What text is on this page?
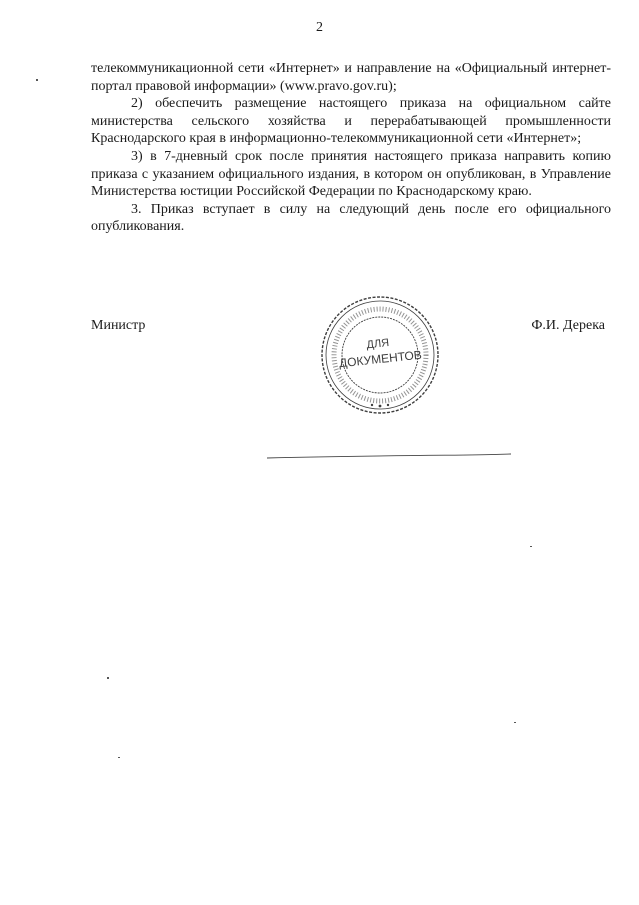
2

телекоммуникационной сети «Интернет» и направление на «Официальный интернет-портал правовой информации» (www.pravo.gov.ru);

2) обеспечить размещение настоящего приказа на официальном сайте министерства сельского хозяйства и перерабатывающей промышленности Краснодарского края в информационно-телекоммуникационной сети «Интернет»;

3) в 7-дневный срок после принятия настоящего приказа направить копию приказа с указанием официального издания, в котором он опубликован, в Управление Министерства юстиции Российской Федерации по Краснодарскому краю.

3. Приказ вступает в силу на следующий день после его официального опубликования.

Министр	Ф.И. Дерека
ДЛЯ
ДОКУМЕНТОВ
